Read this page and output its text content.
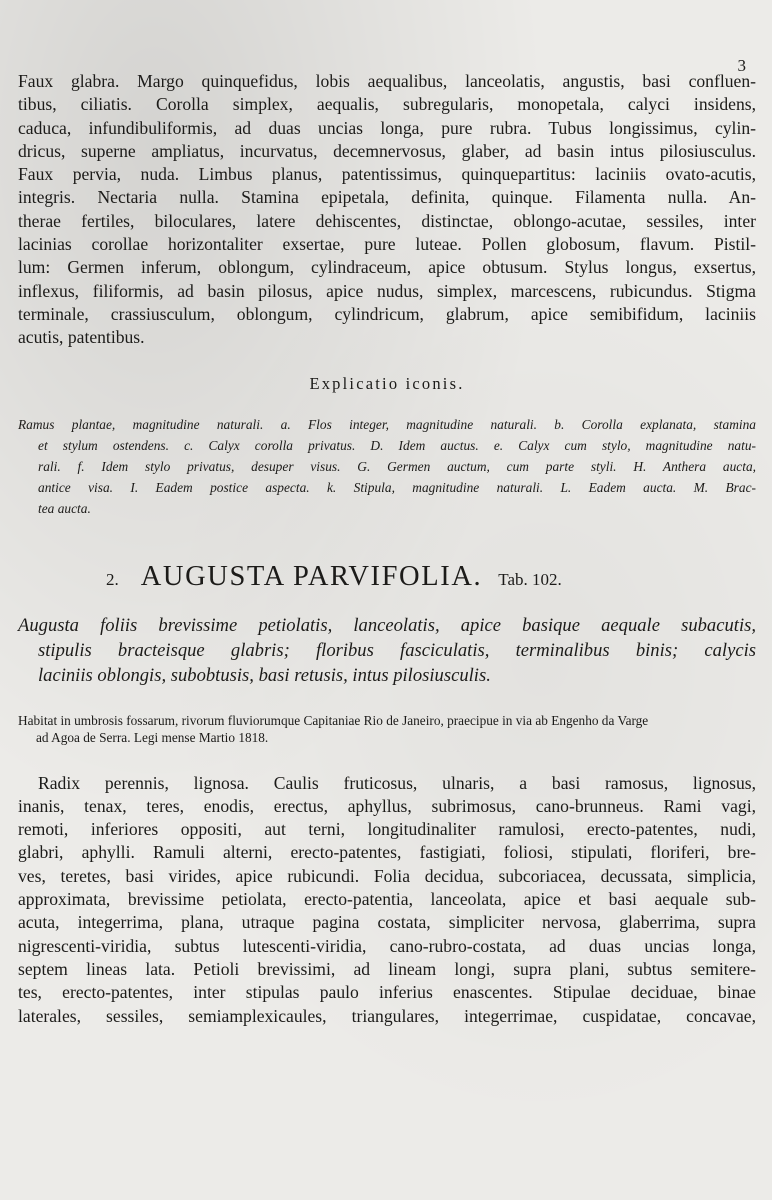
3
Faux glabra. Margo quinquefidus, lobis aequalibus, lanceolatis, angustis, basi confluen-
tibus, ciliatis. Corolla simplex, aequalis, subregularis, monopetala, calyci insidens,
caduca, infundibuliformis, ad duas uncias longa, pure rubra. Tubus longissimus, cylin-
dricus, superne ampliatus, incurvatus, decemnervosus, glaber, ad basin intus pilosiusculus.
Faux pervia, nuda. Limbus planus, patentissimus, quinquepartitus: laciniis ovato-acutis,
integris. Nectaria nulla. Stamina epipetala, definita, quinque. Filamenta nulla. An-
therae fertiles, biloculares, latere dehiscentes, distinctae, oblongo-acutae, sessiles, inter
lacinias corollae horizontaliter exsertae, pure luteae. Pollen globosum, flavum. Pistil-
lum: Germen inferum, oblongum, cylindraceum, apice obtusum. Stylus longus, exsertus,
inflexus, filiformis, ad basin pilosus, apice nudus, simplex, marcescens, rubicundus. Stigma
terminale, crassiusculum, oblongum, cylindricum, glabrum, apice semibifidum, laciniis
acutis, patentibus.
Explicatio iconis.
Ramus plantae, magnitudine naturali. a. Flos integer, magnitudine naturali. b. Corolla explanata, stamina
et stylum ostendens. c. Calyx corolla privatus. D. Idem auctus. e. Calyx cum stylo, magnitudine natu-
rali. f. Idem stylo privatus, desuper visus. G. Germen auctum, cum parte styli. H. Anthera aucta,
antice visa. I. Eadem postice aspecta. k. Stipula, magnitudine naturali. L. Eadem aucta. M. Brac-
tea aucta.
2. AUGUSTA PARVIFOLIA. Tab. 102.
Augusta foliis brevissime petiolatis, lanceolatis, apice basique aequale subacutis,
stipulis bracteisque glabris; floribus fasciculatis, terminalibus binis; calycis
laciniis oblongis, subobtusis, basi retusis, intus pilosiusculis.
Habitat in umbrosis fossarum, rivorum fluviorumque Capitaniae Rio de Janeiro, praecipue in via ab Engenho da Varge
ad Agoa de Serra. Legi mense Martio 1818.
Radix perennis, lignosa. Caulis fruticosus, ulnaris, a basi ramosus, lignosus,
inanis, tenax, teres, enodis, erectus, aphyllus, subrimosus, cano-brunneus. Rami vagi,
remoti, inferiores oppositi, aut terni, longitudinaliter ramulosi, erecto-patentes, nudi,
glabri, aphylli. Ramuli alterni, erecto-patentes, fastigiati, foliosi, stipulati, floriferi, bre-
ves, teretes, basi virides, apice rubicundi. Folia decidua, subcoriacea, decussata, simplicia,
approximata, brevissime petiolata, erecto-patentia, lanceolata, apice et basi aequale sub-
acuta, integerrima, plana, utraque pagina costata, simpliciter nervosa, glaberrima, supra
nigrescenti-viridia, subtus lutescenti-viridia, cano-rubro-costata, ad duas uncias longa,
septem lineas lata. Petioli brevissimi, ad lineam longi, supra plani, subtus semitere-
tes, erecto-patentes, inter stipulas paulo inferius enascentes. Stipulae deciduae, binae
laterales, sessiles, semiamplexicaules, triangulares, integerrimae, cuspidatae, concavae,
